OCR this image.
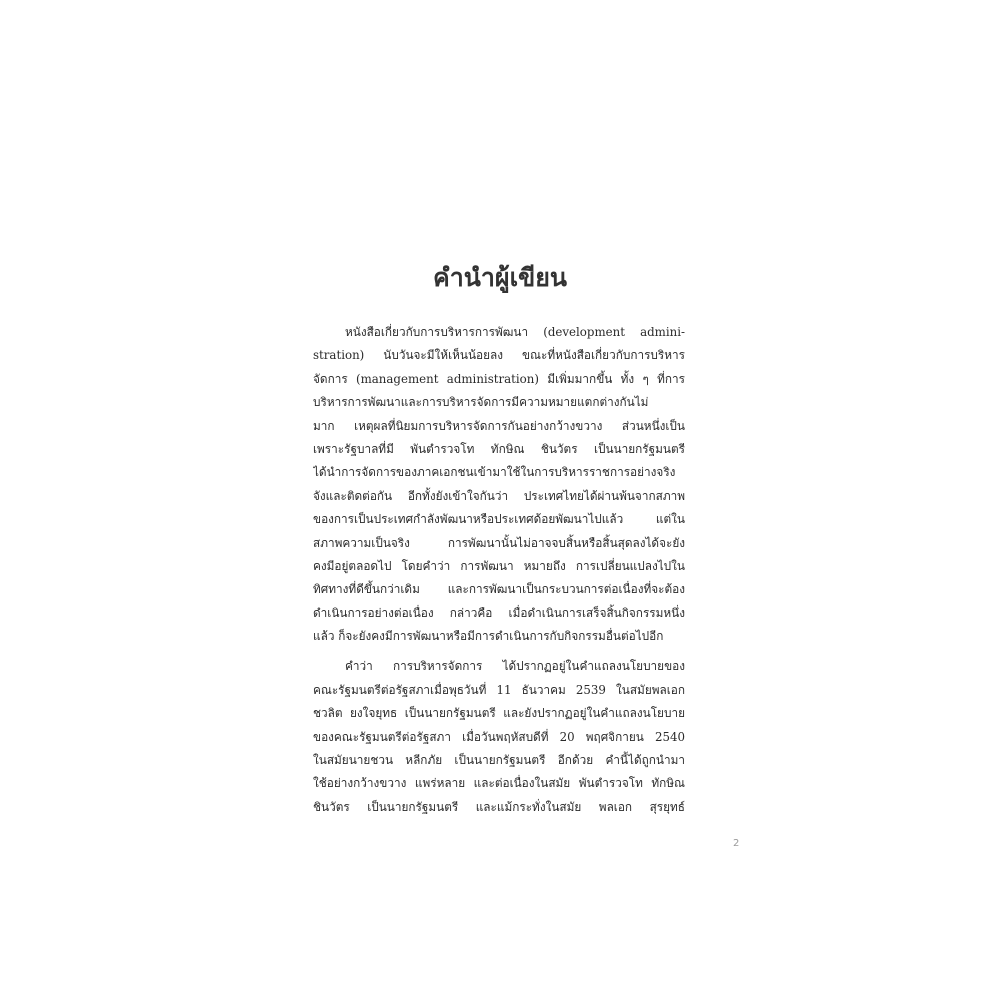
คำนำผู้เขียน
หนังสือเกี่ยวกับการบริหารการพัฒนา (development admini-
stration) นับวันจะมีให้เห็นน้อยลง ขณะที่หนังสือเกี่ยวกับการบริหาร
จัดการ (management administration) มีเพิ่มมากขึ้น ทั้ง ๆ ที่การ
บริหารการพัฒนาและการบริหารจัดการมีความหมายแตกต่างกันไม่
มาก เหตุผลที่นิยมการบริหารจัดการกันอย่างกว้างขวาง ส่วนหนึ่งเป็น
เพราะรัฐบาลที่มี พันตำรวจโท ทักษิณ ชินวัตร เป็นนายกรัฐมนตรี
ได้นำการจัดการของภาคเอกชนเข้ามาใช้ในการบริหารราชการอย่างจริง
จังและติดต่อกัน อีกทั้งยังเข้าใจกันว่า ประเทศไทยได้ผ่านพ้นจากสภาพ
ของการเป็นประเทศกำลังพัฒนาหรือประเทศด้อยพัฒนาไปแล้ว แต่ใน
สภาพความเป็นจริง การพัฒนานั้นไม่อาจจบสิ้นหรือสิ้นสุดลงได้จะยัง
คงมีอยู่ตลอดไป โดยคำว่า การพัฒนา หมายถึง การเปลี่ยนแปลงไปใน
ทิศทางที่ดีขึ้นกว่าเดิม และการพัฒนาเป็นกระบวนการต่อเนื่องที่จะต้อง
ดำเนินการอย่างต่อเนื่อง กล่าวคือ เมื่อดำเนินการเสร็จสิ้นกิจกรรมหนึ่ง
แล้ว ก็จะยังคงมีการพัฒนาหรือมีการดำเนินการกับกิจกรรมอื่นต่อไปอีก
คำว่า การบริหารจัดการ ได้ปรากฏอยู่ในคำแถลงนโยบายของ
คณะรัฐมนตรีต่อรัฐสภาเมื่อพุธวันที่ 11 ธันวาคม 2539 ในสมัยพลเอก
ชวลิต ยงใจยุทธ เป็นนายกรัฐมนตรี และยังปรากฏอยู่ในคำแถลงนโยบาย
ของคณะรัฐมนตรีต่อรัฐสภา เมื่อวันพฤหัสบดีที่ 20 พฤศจิกายน 2540
ในสมัยนายชวน หลีกภัย เป็นนายกรัฐมนตรี อีกด้วย คำนี้ได้ถูกนำมา
ใช้อย่างกว้างขวาง แพร่หลาย และต่อเนื่องในสมัย พันตำรวจโท ทักษิณ
ชินวัตร เป็นนายกรัฐมนตรี และแม้กระทั่งในสมัย พลเอก สุรยุทธ์
2
